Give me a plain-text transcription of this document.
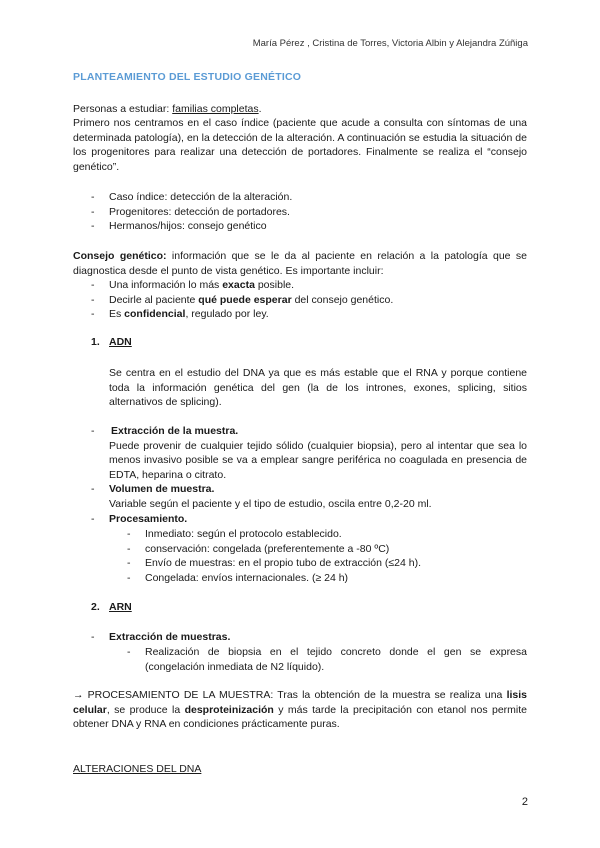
María Pérez , Cristina de Torres, Victoria Albin y Alejandra Zúñiga
PLANTEAMIENTO DEL ESTUDIO GENÉTICO
Personas a estudiar: familias completas.
Primero nos centramos en el caso índice (paciente que acude a consulta con síntomas de una determinada patología), en la detección de la alteración. A continuación se estudia la situación de los progenitores para realizar una detección de portadores. Finalmente se realiza el “consejo genético”.
- Caso índice: detección de la alteración.
- Progenitores: detección de portadores.
- Hermanos/hijos: consejo genético
Consejo genético: información que se le da al paciente en relación a la patología que se diagnostica desde el punto de vista genético. Es importante incluir:
- Una información lo más exacta posible.
- Decirle al paciente qué puede esperar del consejo genético.
- Es confidencial, regulado por ley.
1. ADN
Se centra en el estudio del DNA ya que es más estable que el RNA y porque contiene toda la información genética del gen (la de los intrones, exones, splicing, sitios alternativos de splicing).
- Extracción de la muestra.
Puede provenir de cualquier tejido sólido (cualquier biopsia), pero al intentar que sea lo menos invasivo posible se va a emplear sangre periférica no coagulada en presencia de EDTA, heparina o citrato.
- Volumen de muestra.
Variable según el paciente y el tipo de estudio, oscila entre 0,2-20 ml.
- Procesamiento.
- Inmediato: según el protocolo establecido.
- conservación: congelada (preferentemente a -80 ºC)
- Envío de muestras: en el propio tubo de extracción (≤24 h).
- Congelada: envíos internacionales. (≥ 24 h)
2. ARN
- Extracción de muestras.
- Realización de biopsia en el tejido concreto donde el gen se expresa (congelación inmediata de N2 líquido).
→ PROCESAMIENTO DE LA MUESTRA: Tras la obtención de la muestra se realiza una lisis celular, se produce la desproteinización y más tarde la precipitación con etanol nos permite obtener DNA y RNA en condiciones prácticamente puras.
ALTERACIONES DEL DNA
2
